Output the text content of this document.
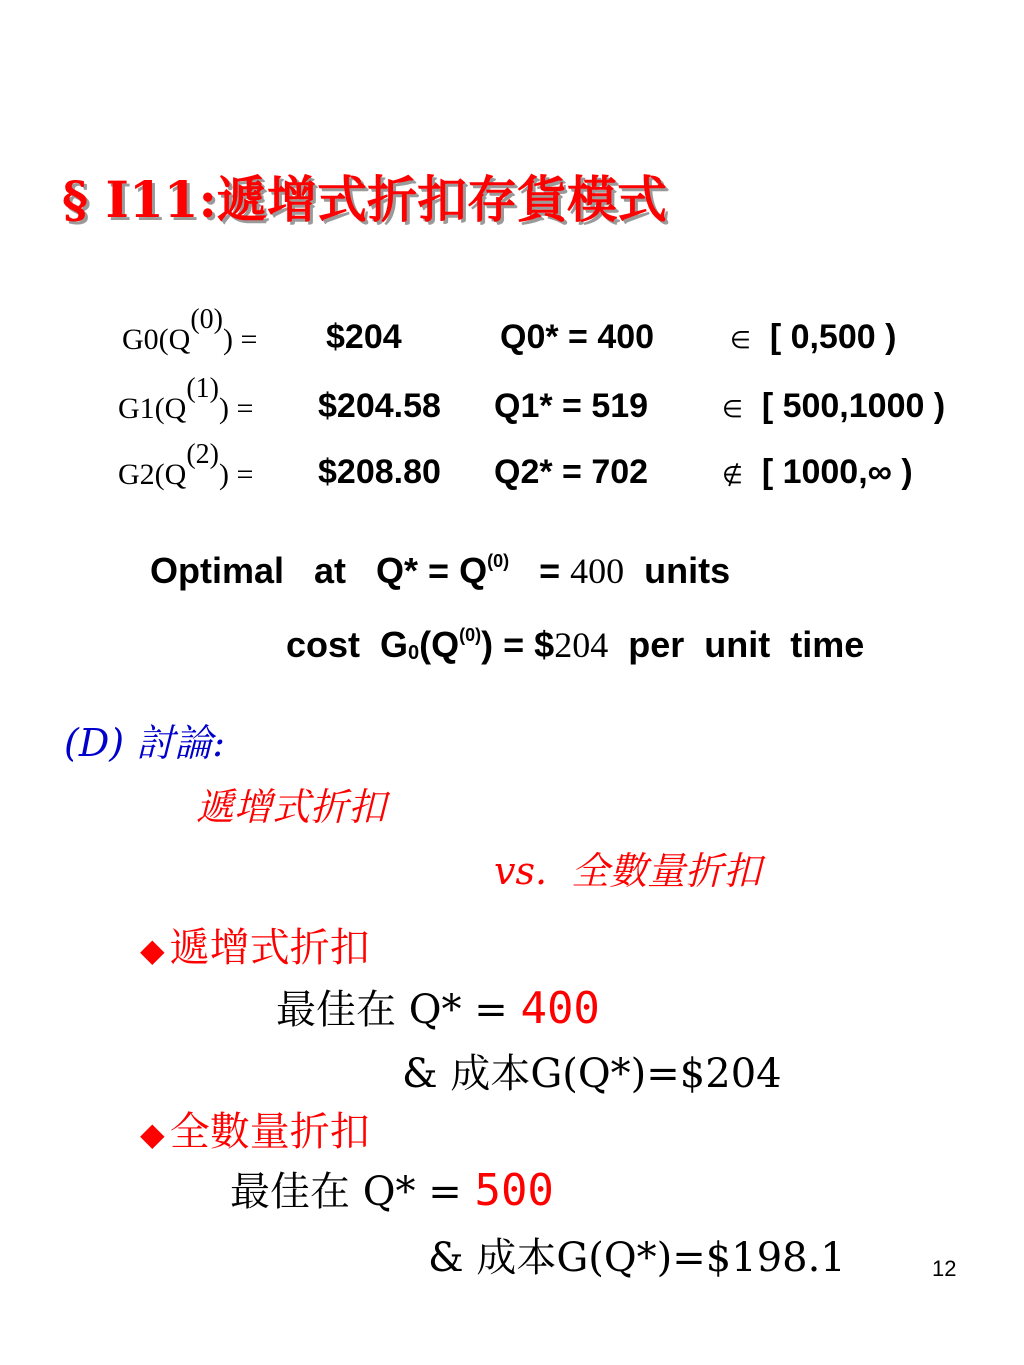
§ I11:遞增式折扣存貨模式
$G0(Q^{(0)})$ = $204	Q0* = 400	∈ [ 0,500 )
$G1(Q^{(1)})$ = $204.58 Q1* = 519	∈ [ 500,1000 )
$G2(Q^{(2)})$ = $208.80 Q2* = 702	∉ [ 1000,∞ )
Optimal   at   $Q* = Q^{(0)} = 400$ units
cost  $G0(Q^{(0)})$ = $204 per  unit  time
(D) 討論:
遞增式折扣
vs. 全數量折扣
◆ 遞增式折扣
最佳在 Q* = 400
& 成本G(Q*)=$204
◆ 全數量折扣
最佳在 Q* = 500
& 成本G(Q*)=$198.1	12
